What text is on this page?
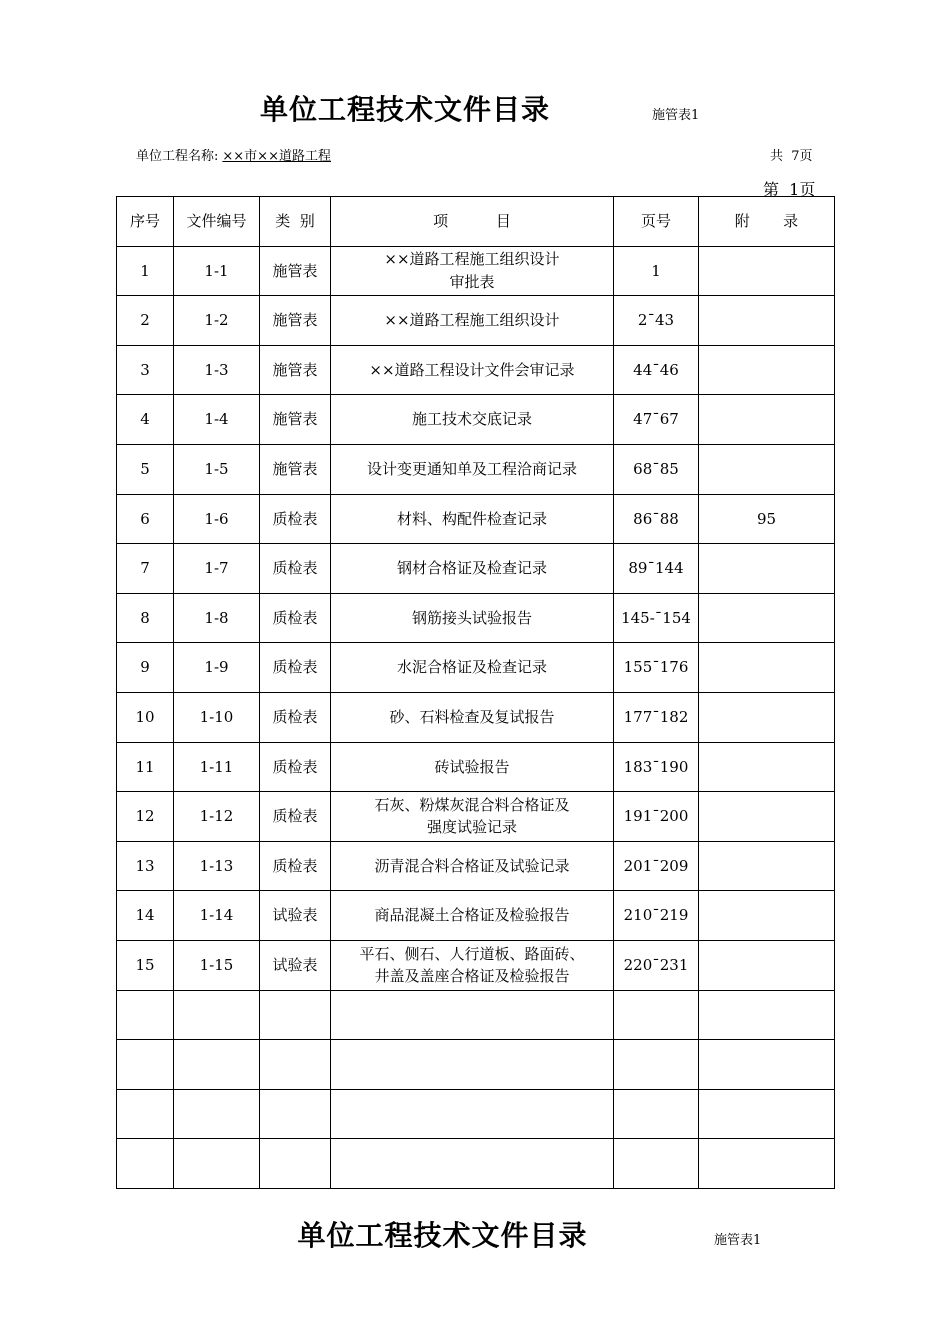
单位工程技术文件目录	施管表1
单位工程名称: ××市××道路工程	共  7页
第  1页
序号	文件编号	类  别	项          目	页号	附       录
1	1-1	施管表	××道路工程施工组织设计
审批表	1	
2	1-2	施管表	××道路工程施工组织设计	2¯43	
3	1-3	施管表	××道路工程设计文件会审记录	44¯46	
4	1-4	施管表	施工技术交底记录	47¯67	
5	1-5	施管表	设计变更通知单及工程洽商记录	68¯85	
6	1-6	质检表	材料、构配件检查记录	86¯88	95
7	1-7	质检表	钢材合格证及检查记录	89¯144	
8	1-8	质检表	钢筋接头试验报告	145-¯154	
9	1-9	质检表	水泥合格证及检查记录	155¯176	
10	1-10	质检表	砂、石料检查及复试报告	177¯182	
11	1-11	质检表	砖试验报告	183¯190	
12	1-12	质检表	石灰、粉煤灰混合料合格证及
强度试验记录	191¯200	
13	1-13	质检表	沥青混合料合格证及试验记录	201¯209	
14	1-14	试验表	商品混凝土合格证及检验报告	210¯219	
15	1-15	试验表	平石、侧石、人行道板、路面砖、
井盖及盖座合格证及检验报告	220¯231	

单位工程技术文件目录	施管表1
